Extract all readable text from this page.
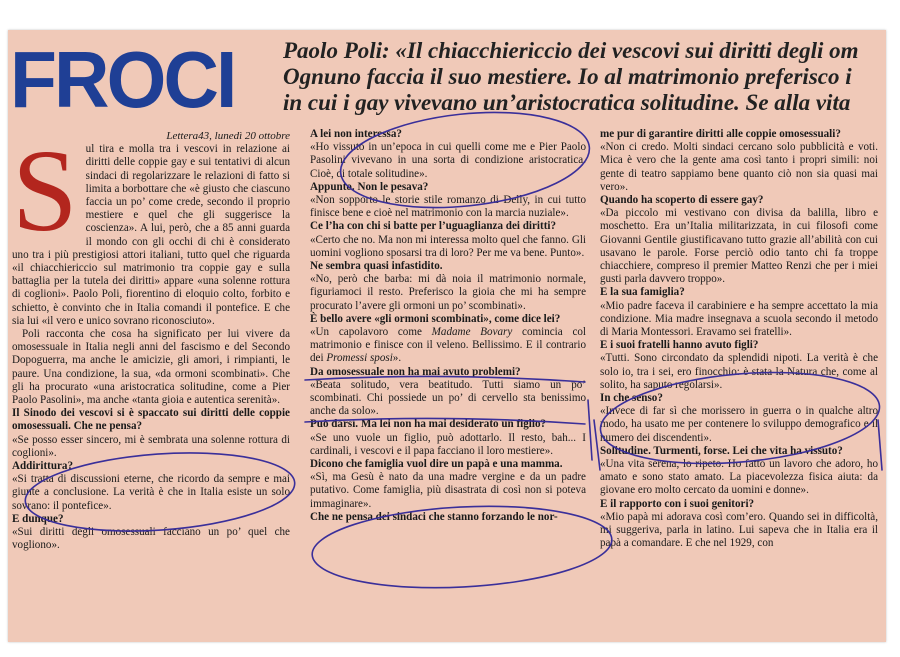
FROCI Paolo Poli: «Il chiacchiericcio dei vescovi sui diritti degli om
Ognuno faccia il suo mestiere. Io al matrimonio preferisco i
in cui i gay vivevano un’aristocratica solitudine. Se alla vita

Lettera43, lunedì 20 ottobre

Sul tira e molla tra i vescovi in relazione ai diritti delle coppie gay e sui tentativi di alcun sindaci di regolarizzare le relazioni di fatto si limita a borbottare che «è giusto che ciascuno faccia un po’ come crede, secondo il proprio mestiere e quel che gli suggerisce la coscienza». A lui, però, che a 85 anni guarda il mondo con gli occhi di chi è considerato uno tra i più prestigiosi attori italiani, tutto quel che riguarda «il chiacchiericcio sul matrimonio tra coppie gay e sulla battaglia per la tutela dei diritti» appare «una solenne rottura di coglioni». Paolo Poli, fiorentino di eloquio colto, forbito e schietto, è convinto che in Italia comandi il pontefice. E che sia lui «il vero e unico sovrano riconosciuto».

Poli racconta che cosa ha significato per lui vivere da omosessuale in Italia negli anni del fascismo e del Secondo Dopoguerra, ma anche le amicizie, gli amori, i rimpianti, le paure. Una condizione, la sua, «da ormoni scombinati». Che gli ha procurato «una aristocratica solitudine, come a Pier Paolo Pasolini», ma anche «tanta gioia e autentica serenità».

Il Sinodo dei vescovi si è spaccato sui diritti delle coppie omosessuali. Che ne pensa?

«Se posso esser sincero, mi è sembrata una solenne rottura di coglioni».

Addirittura?

«Si tratta di discussioni eterne, che ricordo da sempre e mai giunte a conclusione. La verità è che in Italia esiste un solo sovrano: il pontefice».

E dunque?

«Sui diritti degli omosessuali facciano un po’ quel che vogliono».

A lei non interessa?

«Ho vissuto in un’epoca in cui quelli come me e Pier Paolo Pasolini vivevano in una sorta di condizione aristocratica. Cioè, di totale solitudine».

Appunto. Non le pesava?

«Non sopporto le storie stile romanzo di Delly, in cui tutto finisce bene e cioè nel matrimonio con la marcia nuziale».

Ce l’ha con chi si batte per l’uguaglianza dei diritti?

«Certo che no. Ma non mi interessa molto quel che fanno. Gli uomini vogliono sposarsi tra di loro? Per me va bene. Punto».

Ne sembra quasi infastidito.

«No, però che barba: mi dà noia il matrimonio normale, figuriamoci il resto. Preferisco la gioia che mi ha sempre procurato l’avere gli ormoni un po’ scombinati».

È bello avere «gli ormoni scombinati», come dice lei?

«Un capolavoro come Madame Bovary comincia col matrimonio e finisce con il veleno. Bellissimo. E il contrario dei Promessi sposi».

Da omosessuale non ha mai avuto problemi?

«Beata solitudo, vera beatitudo. Tutti siamo un po’ scombinati. Chi possiede un po’ di cervello sta benissimo anche da solo».

Può darsi. Ma lei non ha mai desiderato un figlio?

«Se uno vuole un figlio, può adottarlo. Il resto, bah... I cardinali, i vescovi e il papa facciano il loro mestiere».

Dicono che famiglia vuol dire un papà e una mamma.

«Sì, ma Gesù è nato da una madre vergine e da un padre putativo. Come famiglia, più disastrata di così non si poteva immaginare».

Che ne pensa dei sindaci che stanno forzando le nor-

me pur di garantire diritti alle coppie omosessuali?

«Non ci credo. Molti sindaci cercano solo pubblicità e voti. Mica è vero che la gente ama così tanto i propri simili: noi gente di teatro sappiamo bene quanto ciò non sia quasi mai vero».

Quando ha scoperto di essere gay?

«Da piccolo mi vestivano con divisa da balilla, libro e moschetto. Era un’Italia militarizzata, in cui filosofi come Giovanni Gentile giustificavano tutto grazie all’abilità con cui usavano le parole. Forse perciò odio tanto chi fa troppe chiacchiere, compreso il premier Matteo Renzi che per i miei gusti parla davvero troppo».

E la sua famiglia?

«Mio padre faceva il carabiniere e ha sempre accettato la mia condizione. Mia madre insegnava a scuola secondo il metodo di Maria Montessori. Eravamo sei fratelli».

E i suoi fratelli hanno avuto figli?

«Tutti. Sono circondato da splendidi nipoti. La verità è che solo io, tra i sei, ero finocchio: è stata la Natura che, come al solito, ha saputo regolarsi».

In che senso?

«Invece di far sì che morissero in guerra o in qualche altro modo, ha usato me per contenere lo sviluppo demografico e il numero dei discendenti».

Solitudine. Turmenti, forse. Lei che vita ha vissuto?

«Una vita serena, lo ripeto. Ho fatto un lavoro che adoro, ho amato e sono stato amato. La piacevolezza fisica aiuta: da giovane ero molto cercato da uomini e donne».

E il rapporto con i suoi genitori?

«Mio papà mi adorava così com’ero. Quando sei in difficoltà, mi suggeriva, parla in latino. Lui sapeva che in Italia era il papà a comandare. E che nel 1929, con
